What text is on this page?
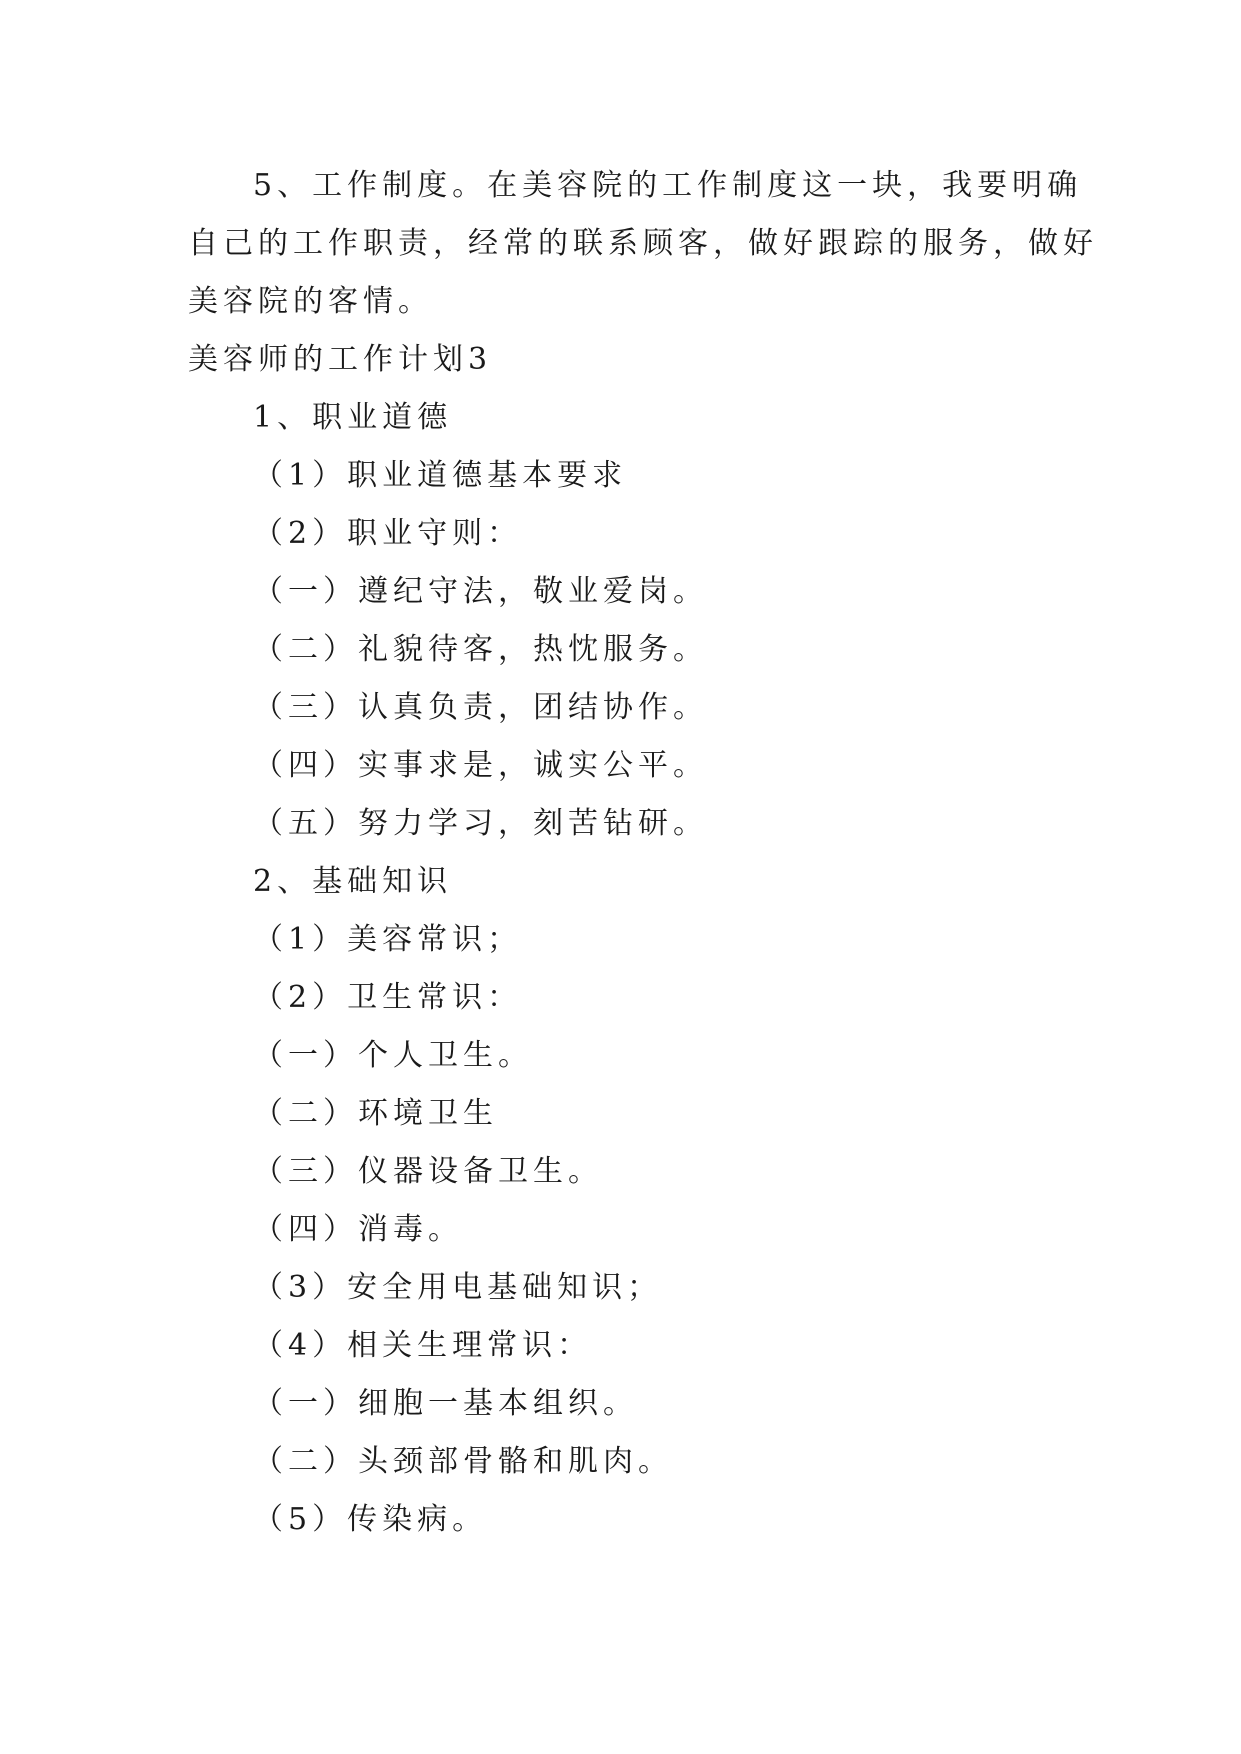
5、工作制度。在美容院的工作制度这一块，我要明确

自己的工作职责，经常的联系顾客，做好跟踪的服务，做好

美容院的客情。

美容师的工作计划3

1、职业道德

（1）职业道德基本要求

（2）职业守则：

（一）遵纪守法，敬业爱岗。

（二）礼貌待客，热忱服务。

（三）认真负责，团结协作。

（四）实事求是，诚实公平。

（五）努力学习，刻苦钻研。

2、基础知识

（1）美容常识；

（2）卫生常识：

（一）个人卫生。

（二）环境卫生

（三）仪器设备卫生。

（四）消毒。

（3）安全用电基础知识；

（4）相关生理常识：

（一）细胞一基本组织。

（二）头颈部骨骼和肌肉。

（5）传染病。
